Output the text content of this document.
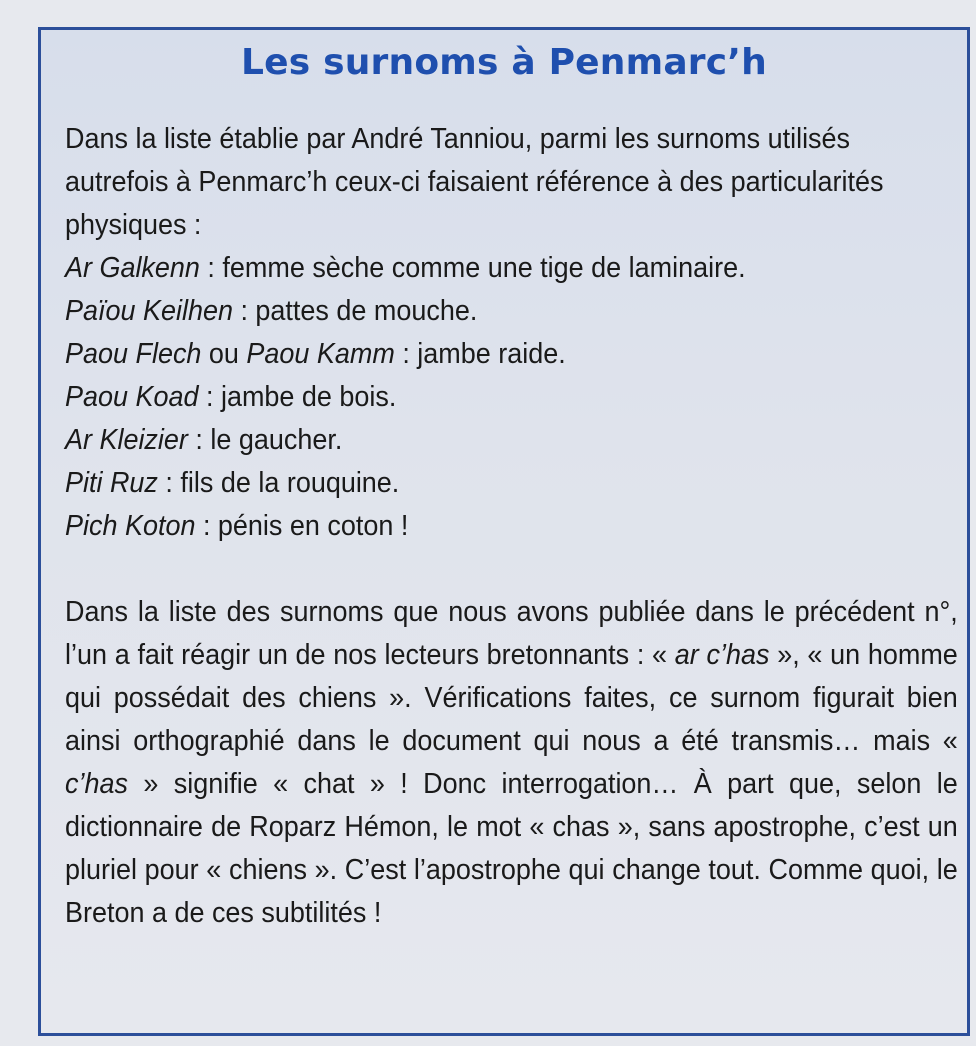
Les surnoms à Penmarc’h

Dans la liste établie par André Tanniou, parmi les surnoms utilisés autrefois à Penmarc’h ceux-ci faisaient référence à des particularités physiques :

Ar Galkenn : femme sèche comme une tige de laminaire.

Païou Keilhen : pattes de mouche.

Paou Flech ou Paou Kamm : jambe raide.

Paou Koad : jambe de bois.

Ar Kleizier : le gaucher.

Piti Ruz : fils de la rouquine.

Pich Koton : pénis en coton !

Dans la liste des surnoms que nous avons publiée dans le précédent n°, l’un a fait réagir un de nos lecteurs bretonnants : « ar c’has », « un homme qui possédait des chiens ». Vérifications faites, ce surnom figurait bien ainsi orthographié dans le document qui nous a été transmis… mais « c’has » signifie « chat » ! Donc interrogation… À part que, selon le dictionnaire de Roparz Hémon, le mot « chas », sans apostrophe, c’est un pluriel pour « chiens ». C’est l’apostrophe qui change tout. Comme quoi, le Breton a de ces subtilités !
